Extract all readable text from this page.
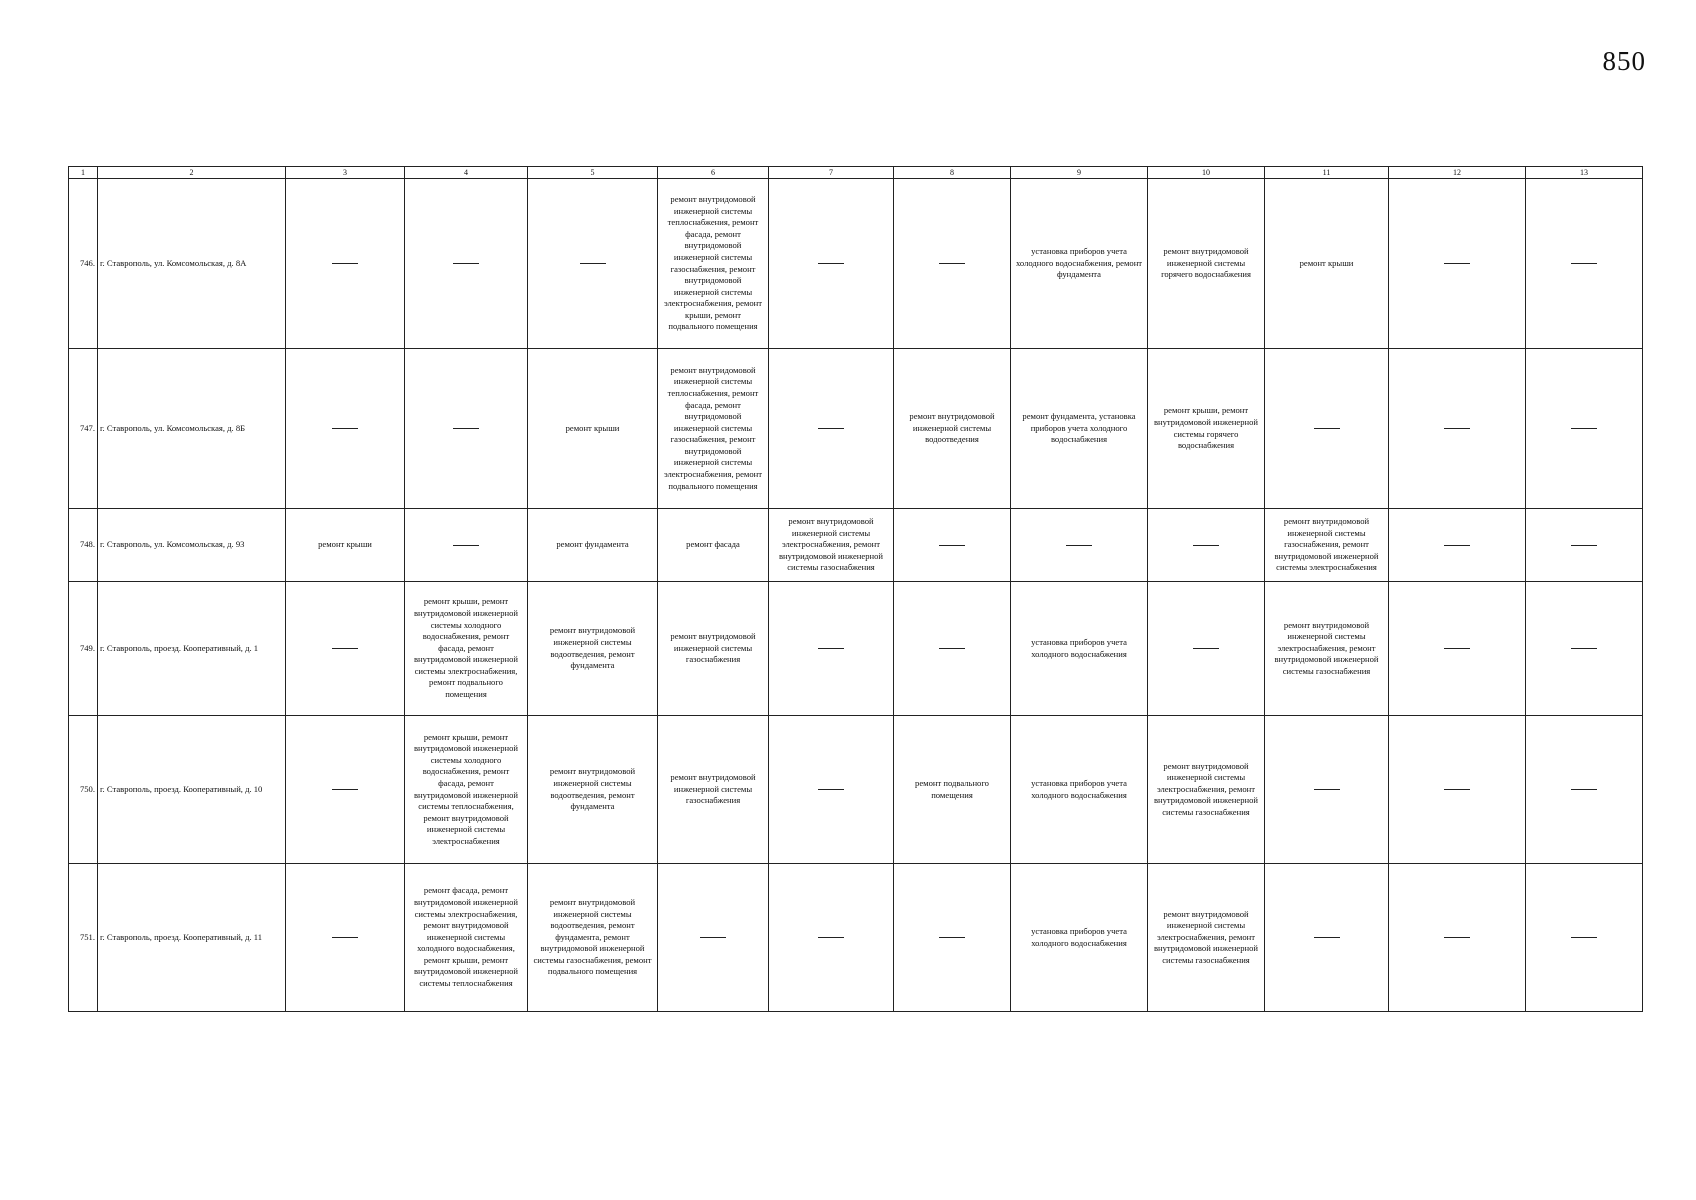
850
1	2	3	4	5	6	7	8	9	10	11	12	13
746.	г. Ставрополь, ул. Комсомольская, д. 8А				ремонт внутридомовой инженерной системы теплоснабжения, ремонт фасада, ремонт внутридомовой инженерной системы газоснабжения, ремонт внутридомовой инженерной системы электроснабжения, ремонт крыши, ремонт подвального помещения			установка приборов учета холодного водоснабжения, ремонт фундамента	ремонт внутридомовой инженерной системы горячего водоснабжения	ремонт крыши		
747.	г. Ставрополь, ул. Комсомольская, д. 8Б			ремонт крыши	ремонт внутридомовой инженерной системы теплоснабжения, ремонт фасада, ремонт внутридомовой инженерной системы газоснабжения, ремонт внутридомовой инженерной системы электроснабжения, ремонт подвального помещения		ремонт внутридомовой инженерной системы водоотведения	ремонт фундамента, установка приборов учета холодного водоснабжения	ремонт крыши, ремонт внутридомовой инженерной системы горячего водоснабжения			
748.	г. Ставрополь, ул. Комсомольская, д. 93	ремонт крыши		ремонт фундамента	ремонт фасада	ремонт внутридомовой инженерной системы электроснабжения, ремонт внутридомовой инженерной системы газоснабжения				ремонт внутридомовой инженерной системы газоснабжения, ремонт внутридомовой инженерной системы электроснабжения		
749.	г. Ставрополь, проезд. Кооперативный, д. 1		ремонт крыши, ремонт внутридомовой инженерной системы холодного водоснабжения, ремонт фасада, ремонт внутридомовой инженерной системы электроснабжения, ремонт подвального помещения	ремонт внутридомовой инженерной системы водоотведения, ремонт фундамента	ремонт внутридомовой инженерной системы газоснабжения			установка приборов учета холодного водоснабжения		ремонт внутридомовой инженерной системы электроснабжения, ремонт внутридомовой инженерной системы газоснабжения		
750.	г. Ставрополь, проезд. Кооперативный, д. 10		ремонт крыши, ремонт внутридомовой инженерной системы холодного водоснабжения, ремонт фасада, ремонт внутридомовой инженерной системы теплоснабжения, ремонт внутридомовой инженерной системы электроснабжения	ремонт внутридомовой инженерной системы водоотведения, ремонт фундамента	ремонт внутридомовой инженерной системы газоснабжения		ремонт подвального помещения	установка приборов учета холодного водоснабжения	ремонт внутридомовой инженерной системы электроснабжения, ремонт внутридомовой инженерной системы газоснабжения			
751.	г. Ставрополь, проезд. Кооперативный, д. 11		ремонт фасада, ремонт внутридомовой инженерной системы электроснабжения, ремонт внутридомовой инженерной системы холодного водоснабжения, ремонт крыши, ремонт внутридомовой инженерной системы теплоснабжения	ремонт внутридомовой инженерной системы водоотведения, ремонт фундамента, ремонт внутридомовой инженерной системы газоснабжения, ремонт подвального помещения				установка приборов учета холодного водоснабжения	ремонт внутридомовой инженерной системы электроснабжения, ремонт внутридомовой инженерной системы газоснабжения			
